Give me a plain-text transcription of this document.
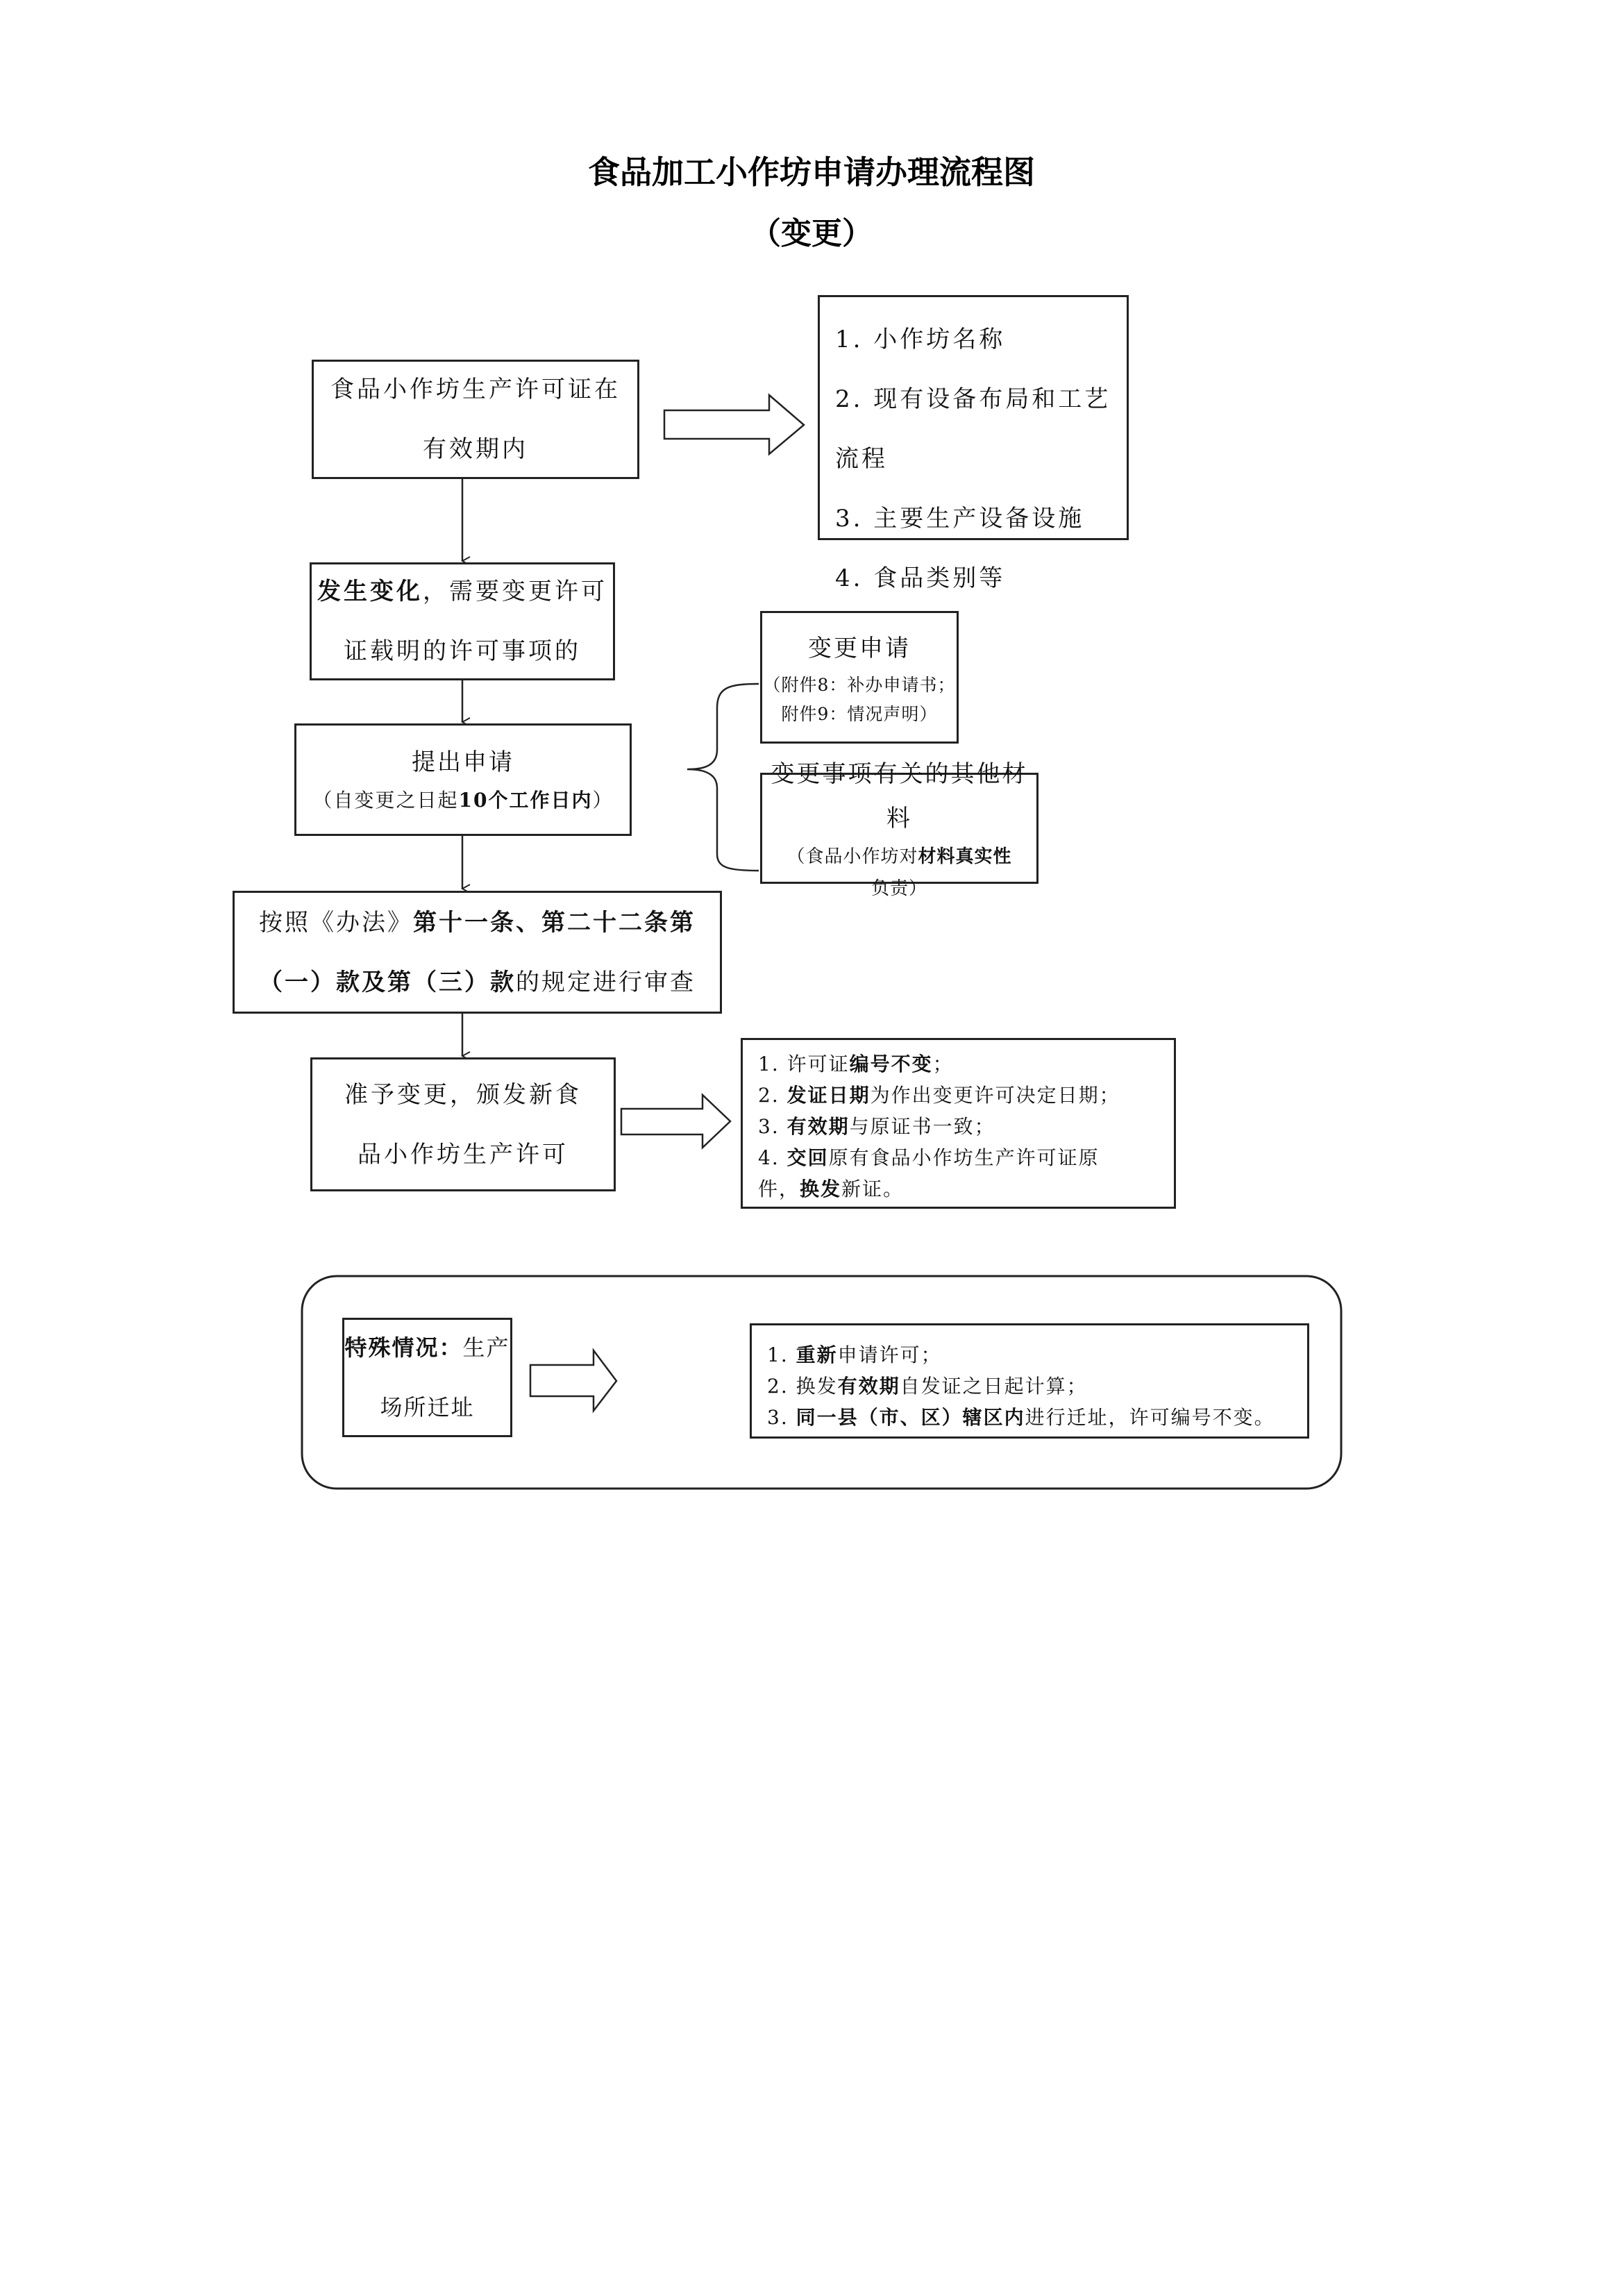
食品加工小作坊申请办理流程图
（变更）
食品小作坊生产许可证在
有效期内
1. 小作坊名称
2. 现有设备布局和工艺流程
3. 主要生产设备设施
4. 食品类别等
发生变化，需要变更许可
证载明的许可事项的
提出申请
（自变更之日起10个工作日内）
变更申请
（附件8：补办申请书；
附件9：情况声明）
变更事项有关的其他材料
（食品小作坊对材料真实性负责）
按照《办法》第十一条、第二十二条第
（一）款及第（三）款的规定进行审查
准予变更，颁发新食
品小作坊生产许可
1. 许可证编号不变；
2. 发证日期为作出变更许可决定日期；
3. 有效期与原证书一致；
4. 交回原有食品小作坊生产许可证原
件，换发新证。
特殊情况：生产
场所迁址
1. 重新申请许可；
2. 换发有效期自发证之日起计算；
3. 同一县（市、区）辖区内进行迁址，许可编号不变。
